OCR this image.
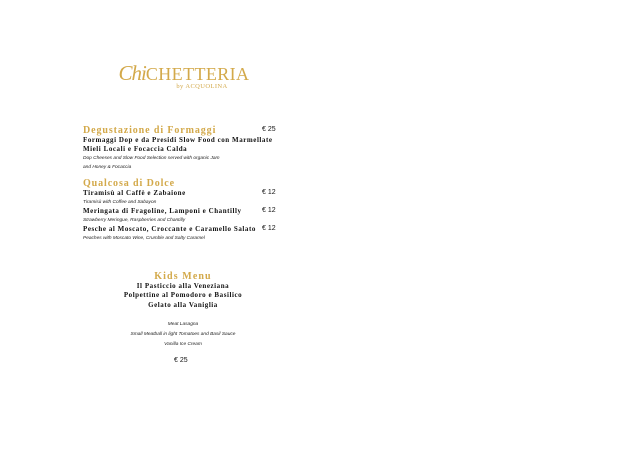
ChiCHETTERIA
by ACQUOLINA
Degustazione di Formaggi	€ 25
Formaggi Dop e da Presidi Slow Food con Marmellate
Mieli Locali e Focaccia Calda
Dop Cheeses and Slow Food Selection served with organic Jam
and Honey & Focaccia
Qualcosa di Dolce
Tiramisù al Caffè e Zabaione	€ 12
Tiramisù with Coffee and Sabayon
Meringata di Fragoline, Lamponi e Chantilly	€ 12
Strawberry Meringue, Raspberries and Chantilly
Pesche al Moscato, Croccante e Caramello Salato € 12
Peaches with Moscato Wine, Crumble and Salty Caramel
Kids Menu
Il Pasticcio alla Veneziana
Polpettine al Pomodoro e Basilico
Gelato alla Vaniglia
Meat Lasagna
Small Meatball in light Tomatoes and Basil Sauce
Vanilla Ice Cream
€ 25
